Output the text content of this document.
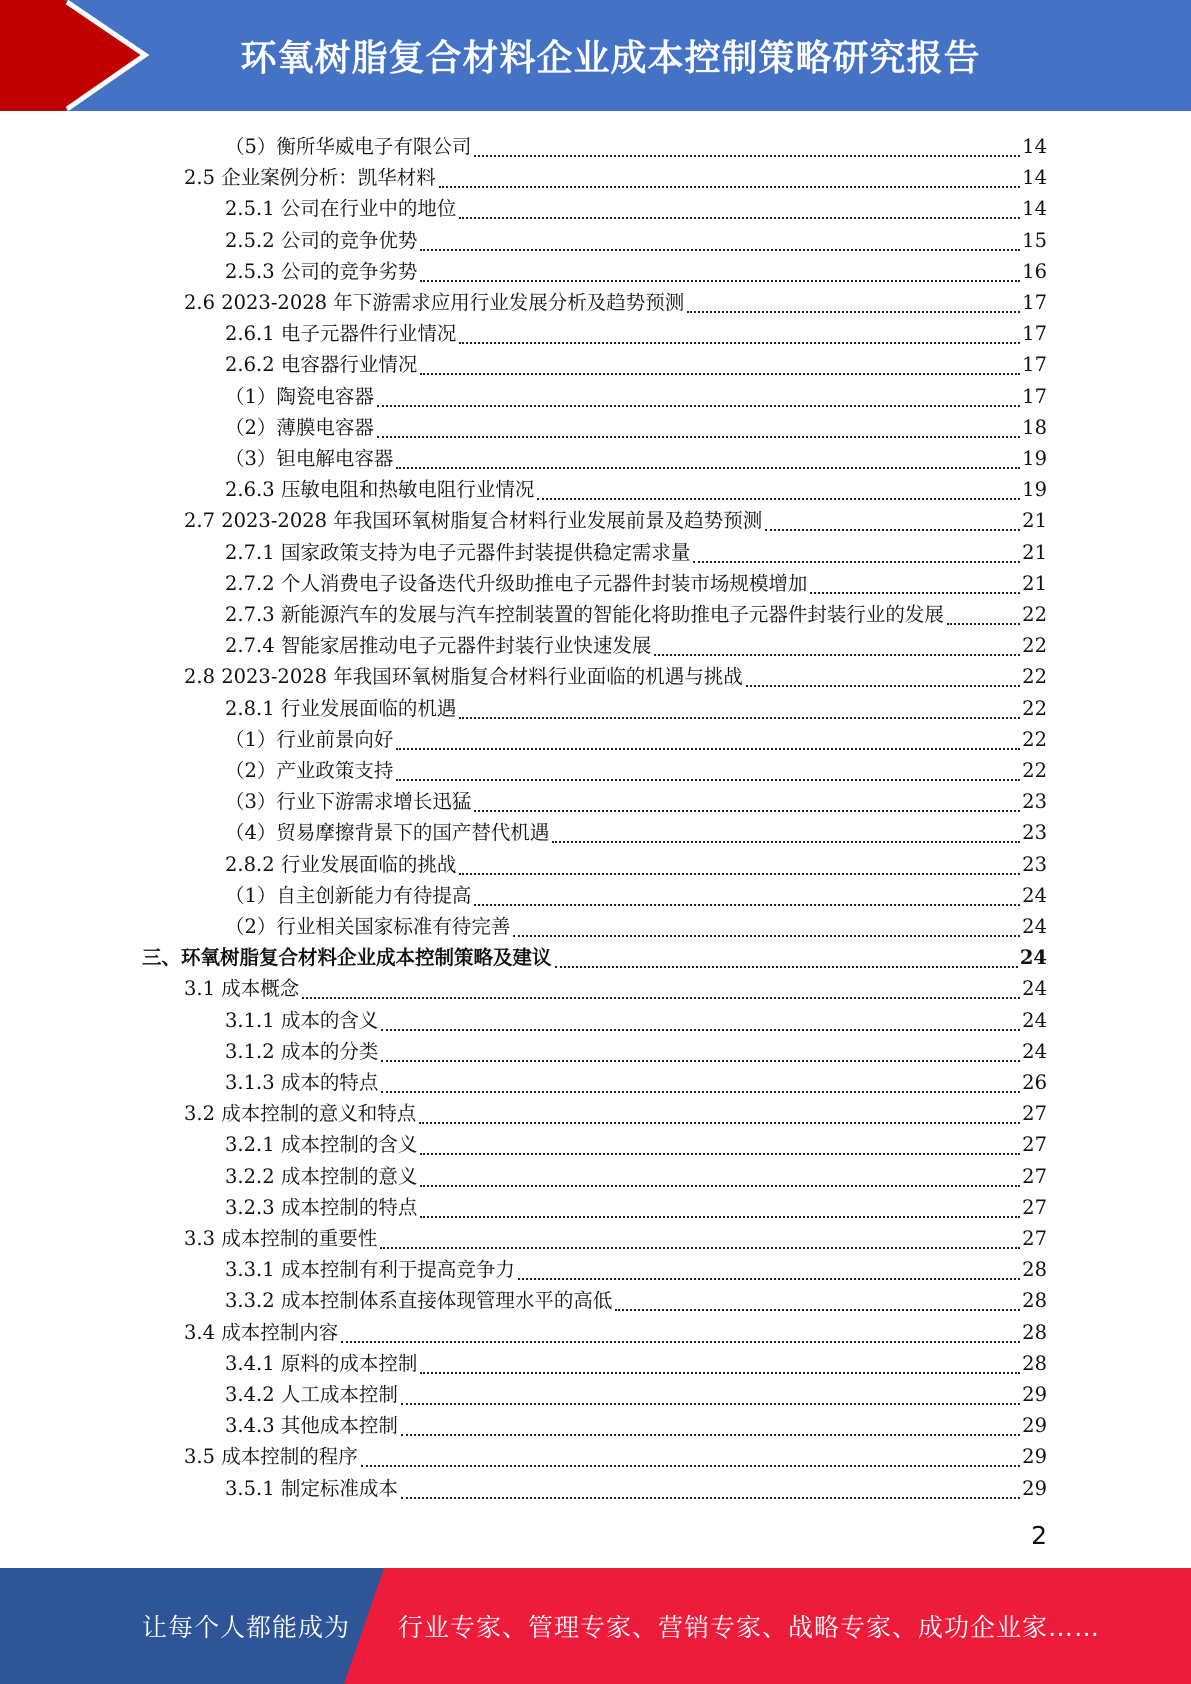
环氧树脂复合材料企业成本控制策略研究报告
（5）衡所华威电子有限公司	14
2.5 企业案例分析：凯华材料	14
2.5.1 公司在行业中的地位	14
2.5.2 公司的竞争优势	15
2.5.3 公司的竞争劣势	16
2.6 2023-2028 年下游需求应用行业发展分析及趋势预测	17
2.6.1 电子元器件行业情况	17
2.6.2 电容器行业情况	17
（1）陶瓷电容器	17
（2）薄膜电容器	18
（3）钽电解电容器	19
2.6.3 压敏电阻和热敏电阻行业情况	19
2.7 2023-2028 年我国环氧树脂复合材料行业发展前景及趋势预测	21
2.7.1 国家政策支持为电子元器件封装提供稳定需求量	21
2.7.2 个人消费电子设备迭代升级助推电子元器件封装市场规模增加	21
2.7.3 新能源汽车的发展与汽车控制装置的智能化将助推电子元器件封装行业的发展	22
2.7.4 智能家居推动电子元器件封装行业快速发展	22
2.8 2023-2028 年我国环氧树脂复合材料行业面临的机遇与挑战	22
2.8.1 行业发展面临的机遇	22
（1）行业前景向好	22
（2）产业政策支持	22
（3）行业下游需求增长迅猛	23
（4）贸易摩擦背景下的国产替代机遇	23
2.8.2 行业发展面临的挑战	23
（1）自主创新能力有待提高	24
（2）行业相关国家标准有待完善	24
三、环氧树脂复合材料企业成本控制策略及建议	24
3.1 成本概念	24
3.1.1 成本的含义	24
3.1.2 成本的分类	24
3.1.3 成本的特点	26
3.2 成本控制的意义和特点	27
3.2.1 成本控制的含义	27
3.2.2 成本控制的意义	27
3.2.3 成本控制的特点	27
3.3 成本控制的重要性	27
3.3.1 成本控制有利于提高竞争力	28
3.3.2 成本控制体系直接体现管理水平的高低	28
3.4 成本控制内容	28
3.4.1 原料的成本控制	28
3.4.2 人工成本控制	29
3.4.3 其他成本控制	29
3.5 成本控制的程序	29
3.5.1 制定标准成本	29
2
让每个人都能成为 行业专家、管理专家、营销专家、战略专家、成功企业家……
